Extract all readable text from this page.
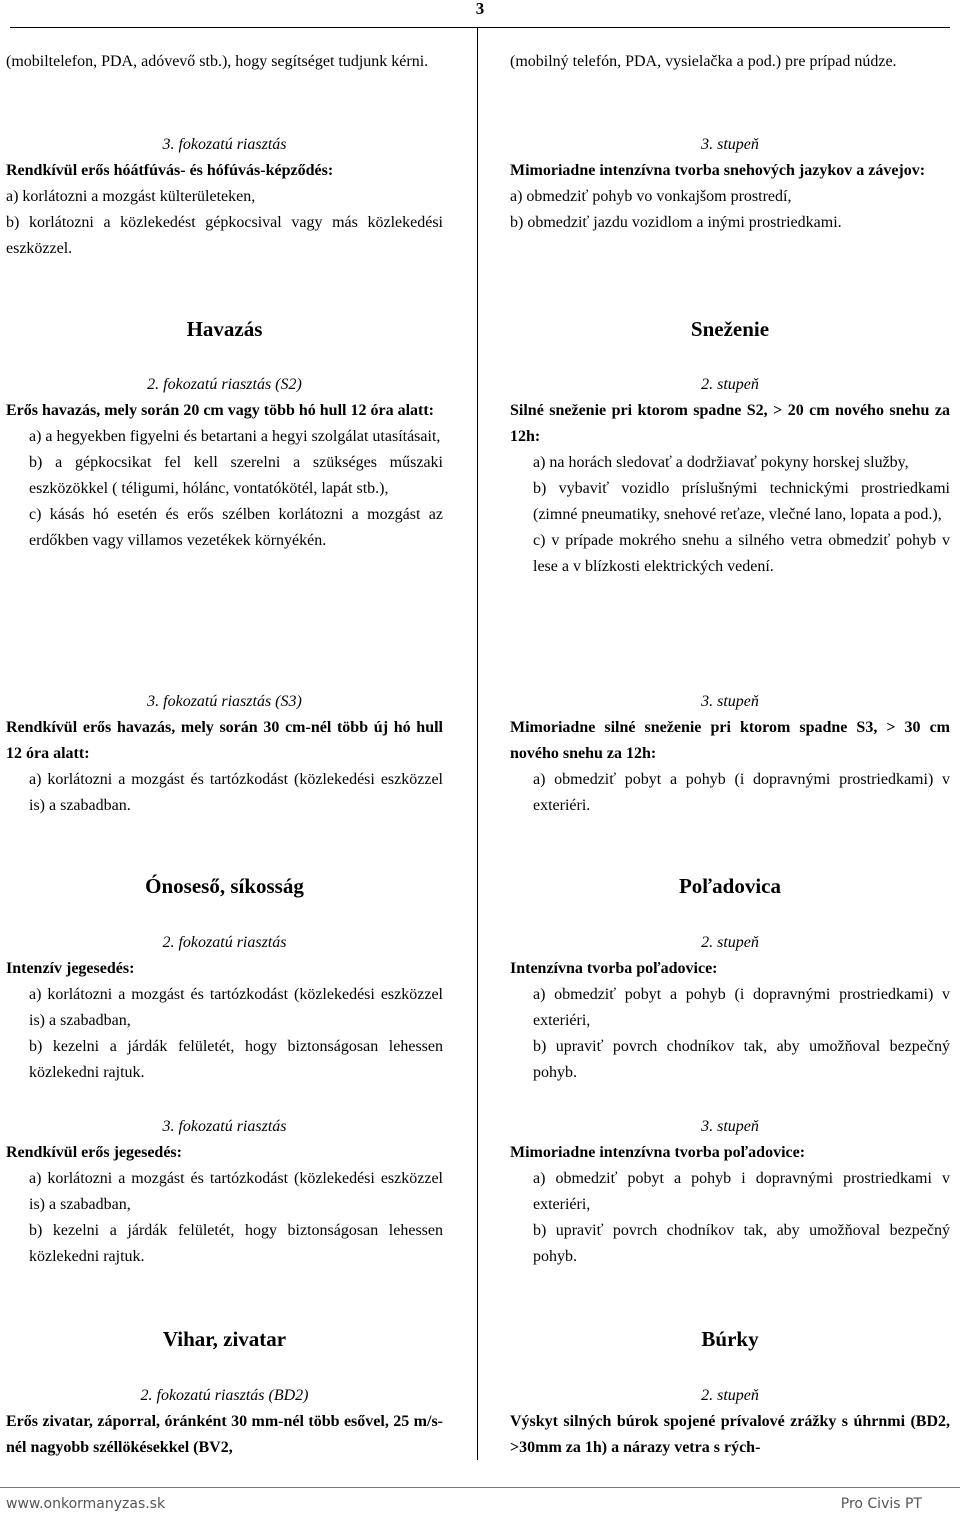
3

(mobiltelefon, PDA, adóvevő stb.), hogy segítséget tudjunk kérni.

3. fokozatú riasztás

Rendkívül erős hóátfúvás- és hófúvás-képződés:

a) korlátozni a mozgást külterületeken,

b) korlátozni a közlekedést gépkocsival vagy más közlekedési eszközzel.

Havazás

2. fokozatú riasztás (S2)

Erős havazás, mely során 20 cm vagy több hó hull 12 óra alatt:

a) a hegyekben figyelni és betartani a hegyi szolgálat utasításait,

b) a gépkocsikat fel kell szerelni a szükséges műszaki eszközökkel ( téligumi, hólánc, vontatókötél, lapát stb.),

c) kásás hó esetén és erős szélben korlátozni a mozgást az erdőkben vagy villamos vezetékek környékén.

3. fokozatú riasztás (S3)

Rendkívül erős havazás, mely során 30 cm-nél több új hó hull 12 óra alatt:

a) korlátozni a mozgást és tartózkodást (közlekedési eszközzel is) a szabadban.

Ónoseső, síkosság

2. fokozatú riasztás

Intenzív jegesedés:

a) korlátozni a mozgást és tartózkodást (közlekedési eszközzel is) a szabadban,

b) kezelni a járdák felületét, hogy biztonságosan lehessen közlekedni rajtuk.

3. fokozatú riasztás

Rendkívül erős jegesedés:

a) korlátozni a mozgást és tartózkodást (közlekedési eszközzel is) a szabadban,

b) kezelni a járdák felületét, hogy biztonságosan lehessen közlekedni rajtuk.

Vihar, zivatar

2. fokozatú riasztás (BD2)

Erős zivatar, záporral, óránként 30 mm-nél több esővel, 25 m/s-nél nagyobb széllökésekkel (BV2,

(mobilný telefón, PDA, vysielačka a pod.) pre prípad núdze.

3. stupeň

Mimoriadne intenzívna tvorba snehových jazykov a závejov:

a) obmedziť pohyb vo vonkajšom prostredí,

b) obmedziť jazdu vozidlom a inými prostriedkami.

Sneženie

2. stupeň

Silné sneženie pri ktorom spadne S2, > 20 cm nového snehu za 12h:

a) na horách sledovať a dodržiavať pokyny horskej služby,

b) vybaviť vozidlo príslušnými technickými prostriedkami (zimné pneumatiky, snehové reťaze, vlečné lano, lopata a pod.),

c) v prípade mokrého snehu a silného vetra obmedziť pohyb v lese a v blízkosti elektrických vedení.

3. stupeň

Mimoriadne silné sneženie pri ktorom spadne S3, > 30 cm nového snehu za 12h:

a) obmedziť pobyt a pohyb (i dopravnými prostriedkami) v exteriéri.

Poľadovica

2. stupeň

Intenzívna tvorba poľadovice:

a) obmedziť pobyt a pohyb (i dopravnými prostriedkami) v exteriéri,

b) upraviť povrch chodníkov tak, aby umožňoval bezpečný pohyb.

3. stupeň

Mimoriadne intenzívna tvorba poľadovice:

a) obmedziť pobyt a pohyb i dopravnými prostriedkami v exteriéri,

b) upraviť povrch chodníkov tak, aby umožňoval bezpečný pohyb.

Búrky

2. stupeň

Výskyt silných búrok spojené prívalové zrážky s úhrnmi (BD2, >30mm za 1h) a nárazy vetra s rých-

www.onkormanyzas.sk	Pro Civis PT
